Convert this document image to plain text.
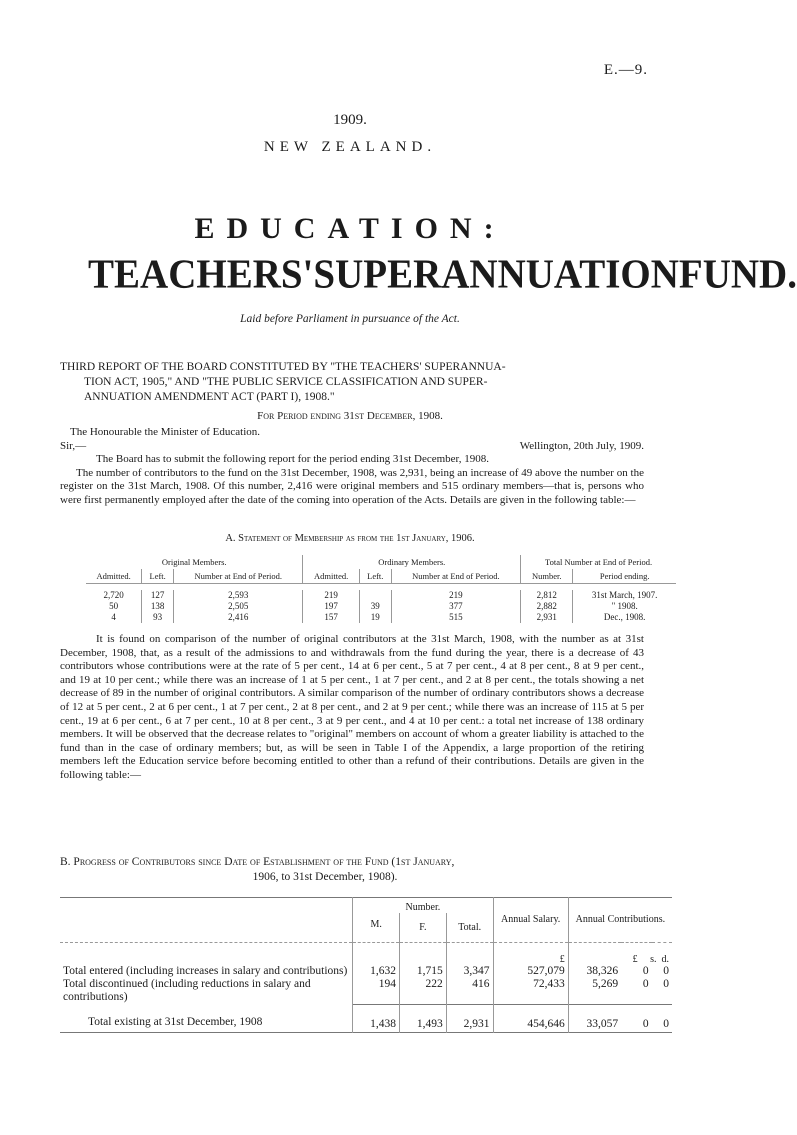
E.—9.
1909.
NEW ZEALAND.
EDUCATION:
TEACHERS' SUPERANNUATION FUND.
Laid before Parliament in pursuance of the Act.
THIRD REPORT OF THE BOARD CONSTITUTED BY "THE TEACHERS' SUPERANNUA-

TION ACT, 1905," AND "THE PUBLIC SERVICE CLASSIFICATION AND SUPER-
ANNUATION AMENDMENT ACT (PART I), 1908."
For Period ending 31st December, 1908.
The Honourable the Minister of Education.
Sir,—	Wellington, 20th July, 1909.
The Board has to submit the following report for the period ending 31st December, 1908.
The number of contributors to the fund on the 31st December, 1908, was 2,931, being an increase of 49 above the number on the register on the 31st March, 1908. Of this number, 2,416 were original members and 515 ordinary members—that is, persons who were first permanently employed after the date of the coming into operation of the Acts. Details are given in the following table:—
A. Statement of Membership as from the 1st January, 1906.
Original Members.			Ordinary Members.			Total Number at End of Period.	
Admitted.	Left.	Number at End of Period.	Admitted.	Left.	Number at End of Period.	Number.	Period ending.

2,720	127	2,593	219		219	2,812	31st March, 1907.
50	138	2,505	197	39	377	2,882	" 1908.
4	93	2,416	157	19	515	2,931	Dec., 1908.
It is found on comparison of the number of original contributors at the 31st March, 1908, with the number as at 31st December, 1908, that, as a result of the admissions to and withdrawals from the fund during the year, there is a decrease of 43 contributors whose contributions were at the rate of 5 per cent., 14 at 6 per cent., 5 at 7 per cent., 4 at 8 per cent., 8 at 9 per cent., and 19 at 10 per cent.; while there was an increase of 1 at 5 per cent., 1 at 7 per cent., and 2 at 8 per cent., the totals showing a net decrease of 89 in the number of original contributors. A similar comparison of the number of ordinary contributors shows a decrease of 12 at 5 per cent., 2 at 6 per cent., 1 at 7 per cent., 2 at 8 per cent., and 2 at 9 per cent.; while there was an increase of 115 at 5 per cent., 19 at 6 per cent., 6 at 7 per cent., 10 at 8 per cent., 3 at 9 per cent., and 4 at 10 per cent.: a total net increase of 138 ordinary members. It will be observed that the decrease relates to "original" members on account of whom a greater liability is attached to the fund than in the case of ordinary members; but, as will be seen in Table I of the Appendix, a large proportion of the retiring members left the Education service before becoming entitled to other than a refund of their contributions. Details are given in the following table:—
B. Progress of Contributors since Date of Establishment of the Fund (1st January,
1906, to 31st December, 1908).
	Number.			Annual Salary.	Annual Contributions.		
	M.	F.	Total.				
				£	£     s.  d.		
Total entered (including increases in salary and contributions)	1,632	1,715	3,347	527,079	38,326	0	0
Total discontinued (including reductions in salary and contributions)	194	222	416	72,433	5,269	0	0
Total existing at 31st December, 1908	1,438	1,493	2,931	454,646	33,057	0	0
